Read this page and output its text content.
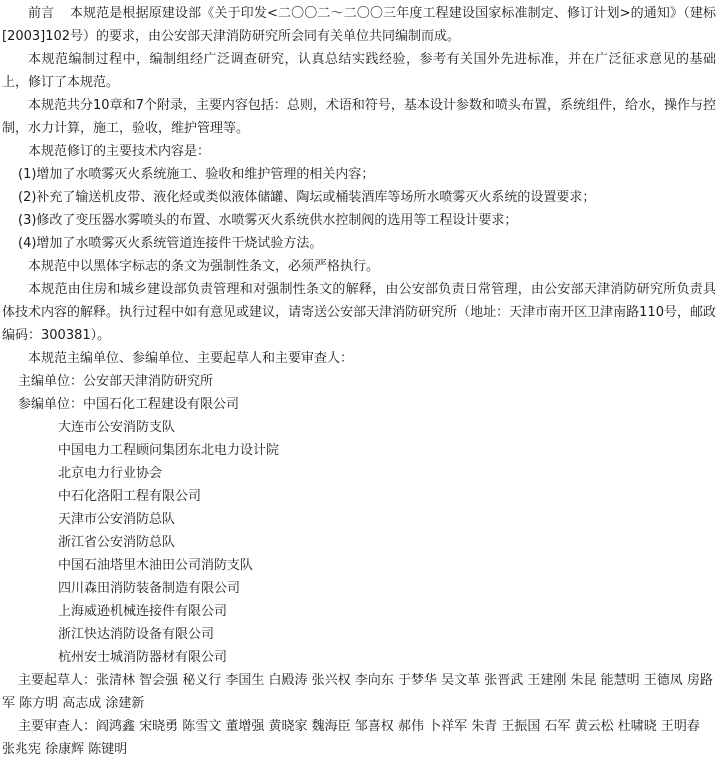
前言 本规范是根据原建设部《关于印发<二〇〇二～二〇〇三年度工程建设国家标准制定、修订计划>的通知》（建标[2003]102号）的要求，由公安部天津消防研究所会同有关单位共同编制而成。

本规范编制过程中，编制组经广泛调查研究，认真总结实践经验，参考有关国外先进标准，并在广泛征求意见的基础上，修订了本规范。

本规范共分10章和7个附录，主要内容包括：总则，术语和符号，基本设计参数和喷头布置，系统组件，给水，操作与控制，水力计算，施工，验收，维护管理等。

本规范修订的主要技术内容是：

(1)增加了水喷雾灭火系统施工、验收和维护管理的相关内容；

(2)补充了输送机皮带、液化烃或类似液体储罐、陶坛或桶装酒库等场所水喷雾灭火系统的设置要求；

(3)修改了变压器水雾喷头的布置、水喷雾灭火系统供水控制阀的选用等工程设计要求；

(4)增加了水喷雾灭火系统管道连接件干烧试验方法。

本规范中以黑体字标志的条文为强制性条文，必须严格执行。

本规范由住房和城乡建设部负责管理和对强制性条文的解释，由公安部负责日常管理，由公安部天津消防研究所负责具体技术内容的解释。执行过程中如有意见或建议，请寄送公安部天津消防研究所（地址：天津市南开区卫津南路110号，邮政编码：300381）。

本规范主编单位、参编单位、主要起草人和主要审查人：

主编单位：公安部天津消防研究所

参编单位：中国石化工程建设有限公司

大连市公安消防支队

中国电力工程顾问集团东北电力设计院

北京电力行业协会

中石化洛阳工程有限公司

天津市公安消防总队

浙江省公安消防总队

中国石油塔里木油田公司消防支队

四川森田消防装备制造有限公司

上海威逊机械连接件有限公司

浙江快达消防设备有限公司

杭州安士城消防器材有限公司

主要起草人：张清林 智会强 秘义行 李国生 白殿涛 张兴权 李向东 于梦华 吴文革 张晋武 王建刚 朱昆 能慧明 王德凤 房路军 陈方明 高志成 涂建新

主要审查人：阎鸿鑫 宋晓勇 陈雪文 董增强 黄晓家 魏海臣 邹喜权 郝伟 卜祥军 朱青 王振国 石军 黄云松 杜啸晓 王明春 张兆宪 徐康辉 陈键明
